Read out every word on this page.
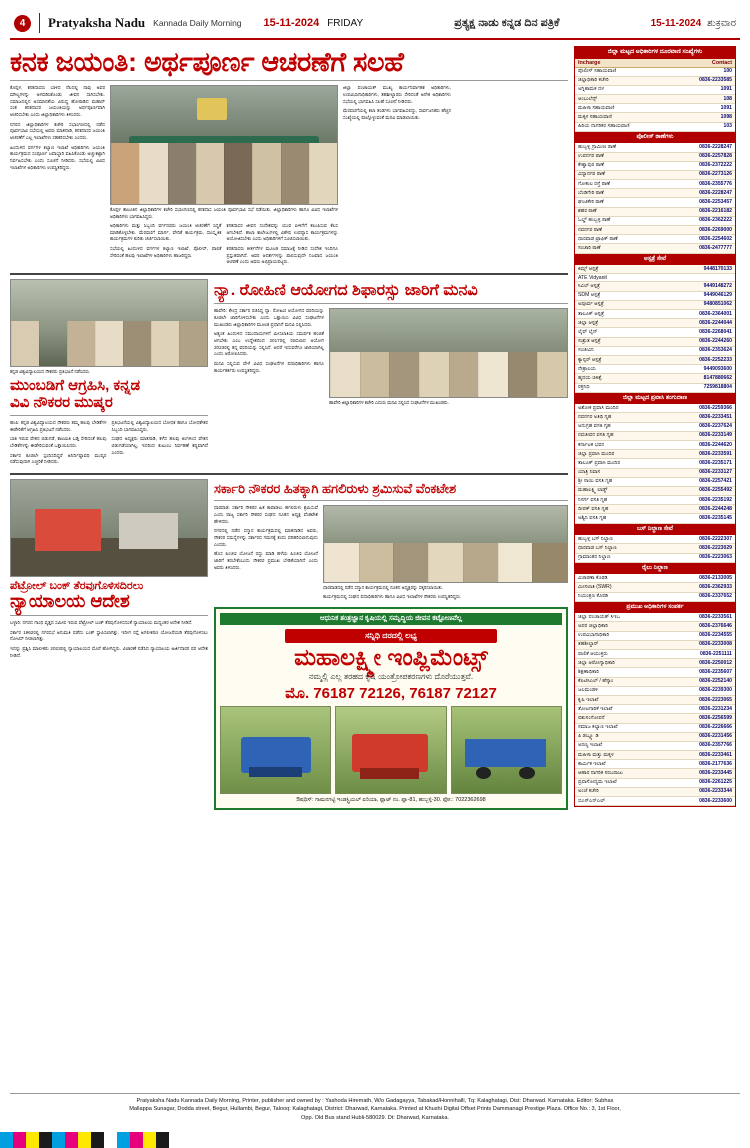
4	Pratyaksha Nadu Kannada Daily Morning 15-11-2024 FRIDAY	ಪ್ರತ್ಯಕ್ಷ ನಾಡು ಕನ್ನಡ ದಿನ ಪತ್ರಿಕೆ	15-11-2024 ಶುಕ್ರವಾರ
ಕನಕ ಜಯಂತಿ: ಅರ್ಥಪೂರ್ಣ ಆಚರಣೆಗೆ ಸಲಹೆ

ಕೊಪ್ಪಳ, ಕನಕದಾಸರು ಬಾಳಿದ ನೆಲದಲ್ಲಿ ನಾವು ಅವರ ಮೌಲ್ಯಗಳನ್ನು ಅಳವಡಿಸಿಕೊಂಡು ಜೀವನ ಸಾಗಿಸಬೇಕು. ಸಮಾಜದಲ್ಲಿನ ಅಸಮಾನತೆಯ ವಿರುದ್ಧ ಹೋರಾಡಿದ ಮಹಾನ್ ಸಂತ ಕನಕದಾಸರ ಜಯಂತಿಯನ್ನು ಅರ್ಥಪೂರ್ಣವಾಗಿ ಆಚರಿಸಬೇಕು ಎಂದು ಜಿಲ್ಲಾಧಿಕಾರಿಗಳು ತಿಳಿಸಿದರು.

ನಗರದ ಜಿಲ್ಲಾಧಿಕಾರಿಗಳ ಕಚೇರಿ ಸಭಾಂಗಣದಲ್ಲಿ ನಡೆದ ಪೂರ್ವಭಾವಿ ಸಭೆಯಲ್ಲಿ ಅವರು ಮಾತನಾಡಿ, ಕನಕದಾಸರ ಜಯಂತಿ ಆಚರಣೆಗೆ ಎಲ್ಲ ಇಲಾಖೆಗಳು ಸಹಕರಿಸಬೇಕು ಎಂದರು.

ಹಿಂದುಳಿದ ವರ್ಗಗಳ ಕಲ್ಯಾಣ ಇಲಾಖೆ ಅಧಿಕಾರಿಗಳು ಜಯಂತಿ ಕಾರ್ಯಕ್ರಮದ ಸಂಪೂರ್ಣ ಜವಾಬ್ದಾರಿ ವಹಿಸಿಕೊಂಡು ಅಚ್ಚುಕಟ್ಟಾಗಿ ನಿರ್ವಹಿಸಬೇಕು ಎಂದು ಸೂಚನೆ ನೀಡಿದರು. ಸಭೆಯಲ್ಲಿ ವಿವಿಧ ಇಲಾಖೆಗಳ ಅಧಿಕಾರಿಗಳು ಉಪಸ್ಥಿತರಿದ್ದರು.

ಕೊಪ್ಪಳ ತಾಲೂಕಿನ ಜಿಲ್ಲಾಧಿಕಾರಿಗಳ ಕಚೇರಿ ಸಭಾಂಗಣದಲ್ಲಿ ಕನಕದಾಸ ಜಯಂತಿ ಪೂರ್ವಭಾವಿ ಸಭೆ ನಡೆಯಿತು. ಜಿಲ್ಲಾಧಿಕಾರಿಗಳು ಹಾಗೂ ವಿವಿಧ ಇಲಾಖೆಗಳ ಅಧಿಕಾರಿಗಳು ಭಾಗವಹಿಸಿದ್ದರು.

ಅಧಿಕಾರಿಗಳು ಮತ್ತು ಸಿಬ್ಬಂದಿ ವರ್ಗದವರು ಜಯಂತಿ ಆಚರಣೆಗೆ ಸಿದ್ಧತೆ ಮಾಡಿಕೊಳ್ಳಬೇಕು. ಮೆರವಣಿಗೆ ಮಾರ್ಗ, ವೇದಿಕೆ ಕಾರ್ಯಕ್ರಮ, ಸಾಂಸ್ಕೃತಿಕ ಕಾರ್ಯಕ್ರಮಗಳ ಕುರಿತು ಚರ್ಚಿಸಲಾಯಿತು.

ಸಭೆಯಲ್ಲಿ ಹಿಂದುಳಿದ ವರ್ಗಗಳ ಕಲ್ಯಾಣ ಇಲಾಖೆ, ಪೊಲೀಸ್, ಪಾಲಿಕೆ ಸೇರಿದಂತೆ ಹಲವು ಇಲಾಖೆಗಳ ಅಧಿಕಾರಿಗಳು ಹಾಜರಿದ್ದರು.

ಕನಕದಾಸರ ಜೀವನ ಸಂದೇಶವನ್ನು ಯುವ ಪೀಳಿಗೆಗೆ ತಲುಪಿಸುವ ಕೆಲಸ ಆಗಬೇಕಿದೆ. ಶಾಲಾ ಕಾಲೇಜುಗಳಲ್ಲಿ ವಿಶೇಷ ಉಪನ್ಯಾಸ ಕಾರ್ಯಕ್ರಮಗಳನ್ನು ಆಯೋಜಿಸಬೇಕು ಎಂದು ಅಧಿಕಾರಿಗಳಿಗೆ ಸೂಚಿಸಲಾಯಿತು.

ಕನಕದಾಸರು ಕೀರ್ತನೆಗಳ ಮೂಲಕ ಸಮಾಜಕ್ಕೆ ನೀಡಿದ ಸಂದೇಶ ಇಂದಿಗೂ ಪ್ರಸ್ತುತವಾಗಿದೆ. ಅವರ ಆದರ್ಶಗಳನ್ನು ಪಾಲಿಸುವುದೇ ನಿಜವಾದ ಜಯಂತಿ ಆಚರಣೆ ಎಂದು ಅವರು ಅಭಿಪ್ರಾಯಪಟ್ಟರು.

ಜಿಲ್ಲಾ ಪಂಚಾಯತ್ ಮುಖ್ಯ ಕಾರ್ಯನಿರ್ವಾಹಕ ಅಧಿಕಾರಿಗಳು, ಉಪವಿಭಾಗಾಧಿಕಾರಿಗಳು, ತಹಶೀಲ್ದಾರರು ಸೇರಿದಂತೆ ಅನೇಕ ಅಧಿಕಾರಿಗಳು ಸಭೆಯಲ್ಲಿ ಭಾಗವಹಿಸಿ ಸಲಹೆ ಸೂಚನೆ ನೀಡಿದರು.

ಮೆರವಣಿಗೆಯಲ್ಲಿ ಕಲಾ ತಂಡಗಳು ಭಾಗವಹಿಸಲಿದ್ದು, ಸಾರ್ವಜನಿಕರು ಹೆಚ್ಚಿನ ಸಂಖ್ಯೆಯಲ್ಲಿ ಪಾಲ್ಗೊಳ್ಳುವಂತೆ ಮನವಿ ಮಾಡಲಾಯಿತು.

ಕನ್ನಡ ವಿಶ್ವವಿದ್ಯಾಲಯದ ನೌಕರರು ಪ್ರತಿಭಟನೆ ನಡೆಸಿದರು.
ಮುಂಬಡಿಗೆ ಆಗ್ರಹಿಸಿ, ಕನ್ನಡ
ವಿವಿ ನೌಕರರ ಮುಷ್ಕರ

ಹಂಪಿ: ಕನ್ನಡ ವಿಶ್ವವಿದ್ಯಾಲಯದ ನೌಕರರು ತಮ್ಮ ಹಲವು ಬೇಡಿಕೆಗಳ ಈಡೇರಿಕೆಗೆ ಆಗ್ರಹಿಸಿ ಪ್ರತಿಭಟನೆ ನಡೆಸಿದರು.

ಬಾಕಿ ಇರುವ ವೇತನ ಬಿಡುಗಡೆ, ಕಾಲಮಿತಿ ಬಡ್ತಿ ಸೇರಿದಂತೆ ಹಲವು ಬೇಡಿಕೆಗಳನ್ನು ಈಡೇರಿಸುವಂತೆ ಒತ್ತಾಯಿಸಿದರು.

ಸರ್ಕಾರ ಕೂಡಲೇ ಸ್ಪಂದಿಸದಿದ್ದರೆ ಅನಿರ್ದಿಷ್ಟಾವಧಿ ಮುಷ್ಕರ ನಡೆಸುವುದಾಗಿ ಎಚ್ಚರಿಕೆ ನೀಡಿದರು.

ಪ್ರತಿಭಟನೆಯಲ್ಲಿ ವಿಶ್ವವಿದ್ಯಾಲಯದ ಬೋಧಕ ಹಾಗೂ ಬೋಧಕೇತರ ಸಿಬ್ಬಂದಿ ಭಾಗವಹಿಸಿದ್ದರು.

ಸಂಘದ ಅಧ್ಯಕ್ಷರು ಮಾತನಾಡಿ, ಕಳೆದ ಹಲವು ತಿಂಗಳಿಂದ ವೇತನ ಬಿಡುಗಡೆಯಾಗಿಲ್ಲ, ಇದರಿಂದ ಕುಟುಂಬ ನಿರ್ವಹಣೆ ಕಷ್ಟವಾಗಿದೆ ಎಂದರು.

ನ್ಯಾ. ರೋಹಿಣಿ ಆಯೋಗದ ಶಿಫಾರಸ್ಸು ಜಾರಿಗೆ ಮನವಿ

ಹಾವೇರಿ: ಕೇಂದ್ರ ಸರ್ಕಾರ ರಚಿಸಿದ್ದ ನ್ಯಾ. ರೋಹಿಣಿ ಆಯೋಗದ ವರದಿಯನ್ನು ಕೂಡಲೇ ಜಾರಿಗೊಳಿಸಬೇಕು ಎಂದು ಒತ್ತಾಯಿಸಿ ವಿವಿಧ ಸಂಘಟನೆಗಳ ಮುಖಂಡರು ಜಿಲ್ಲಾಧಿಕಾರಿಗಳ ಮೂಲಕ ಪ್ರಧಾನಿಗೆ ಮನವಿ ಸಲ್ಲಿಸಿದರು.

ಅತ್ಯಂತ ಹಿಂದುಳಿದ ಸಮುದಾಯಗಳಿಗೆ ಮೀಸಲಾತಿಯ ಸಮರ್ಪಕ ಹಂಚಿಕೆ ಆಗಬೇಕು ಎಂಬ ಉದ್ದೇಶದಿಂದ 2017ರಲ್ಲಿ ರಚಿಸಲಾದ ಆಯೋಗ 2023ರಲ್ಲಿ ತನ್ನ ವರದಿಯನ್ನು ಸಲ್ಲಿಸಿದೆ. ಆದರೆ ಇದುವರೆಗೂ ಜಾರಿಯಾಗಿಲ್ಲ ಎಂದು ಆರೋಪಿಸಿದರು.

ಮನವಿ ಸಲ್ಲಿಸುವ ವೇಳೆ ವಿವಿಧ ಸಂಘಟನೆಗಳ ಪದಾಧಿಕಾರಿಗಳು ಹಾಗೂ ಕಾರ್ಯಕರ್ತರು ಉಪಸ್ಥಿತರಿದ್ದರು.

ಹಾವೇರಿ ಜಿಲ್ಲಾಧಿಕಾರಿಗಳ ಕಚೇರಿ ಎದುರು ಮನವಿ ಸಲ್ಲಿಸಿದ ಸಂಘಟನೆಗಳ ಮುಖಂಡರು.
ಪೆಟ್ರೋಲ್ ಬಂಕ್ ತೆರವುಗೊಳಿಸದಿರಲು
ನ್ಯಾಯಾಲಯ ಆದೇಶ

ಬಳ್ಳಾರಿ: ನಗರದ ಗಾಂಧಿ ವೃತ್ತದ ಸಮೀಪ ಇರುವ ಪೆಟ್ರೋಲ್ ಬಂಕ್ ತೆರವುಗೊಳಿಸದಂತೆ ನ್ಯಾಯಾಲಯ ಮಧ್ಯಂತರ ಆದೇಶ ನೀಡಿದೆ.

ಸರ್ಕಾರ 1962ರಲ್ಲಿ ನಗರಸಭೆ ಅನುಮತಿ ಪಡೆದು ಬಂಕ್ ಸ್ಥಾಪಿಸಲಾಗಿತ್ತು. ಇದೀಗ ರಸ್ತೆ ಅಗಲೀಕರಣ ಯೋಜನೆಯಡಿ ತೆರವುಗೊಳಿಸಲು ನೋಟಿಸ್ ನೀಡಲಾಗಿತ್ತು.

ಇದನ್ನು ಪ್ರಶ್ನಿಸಿ ಮಾಲೀಕರು 2023ರಲ್ಲಿ ನ್ಯಾಯಾಲಯದ ಮೊರೆ ಹೋಗಿದ್ದರು. ವಿಚಾರಣೆ ನಡೆಸಿದ ನ್ಯಾಯಾಲಯ ಅರ್ಜಿದಾರರ ಪರ ಆದೇಶ ನೀಡಿದೆ.

ಸರ್ಕಾರಿ ನೌಕರರ ಹಿತಕ್ಕಾಗಿ ಹಗಲಿರುಳು ಶ್ರಮಿಸುವೆ ವೆಂಕಟೇಶ

ಧಾರವಾಡ: ಸರ್ಕಾರಿ ನೌಕರರ ಹಿತ ಕಾಪಾಡಲು ಹಗಲಿರುಳು ಶ್ರಮಿಸುವೆ ಎಂದು ರಾಜ್ಯ ಸರ್ಕಾರಿ ನೌಕರರ ಸಂಘದ ನೂತನ ಅಧ್ಯಕ್ಷ ವೆಂಕಟೇಶ ಹೇಳಿದರು.

ನಗರದಲ್ಲಿ ನಡೆದ ಸನ್ಮಾನ ಕಾರ್ಯಕ್ರಮದಲ್ಲಿ ಮಾತನಾಡಿದ ಅವರು, ನೌಕರರ ಸಮಸ್ಯೆಗಳನ್ನು ಸರ್ಕಾರದ ಗಮನಕ್ಕೆ ತಂದು ಪರಿಹರಿಸಲಾಗುವುದು ಎಂದರು.

ಹೊಸ ಪಿಂಚಣಿ ಯೋಜನೆ ರದ್ದು ಮಾಡಿ ಹಳೆಯ ಪಿಂಚಣಿ ಯೋಜನೆ ಜಾರಿಗೆ ತರಬೇಕೆಂಬುದು ನೌಕರರ ಪ್ರಮುಖ ಬೇಡಿಕೆಯಾಗಿದೆ ಎಂದು ಅವರು ತಿಳಿಸಿದರು.

ಧಾರವಾಡದಲ್ಲಿ ನಡೆದ ಸನ್ಮಾನ ಕಾರ್ಯಕ್ರಮದಲ್ಲಿ ನೂತನ ಅಧ್ಯಕ್ಷರನ್ನು ಸತ್ಕರಿಸಲಾಯಿತು.

ಕಾರ್ಯಕ್ರಮದಲ್ಲಿ ಸಂಘದ ಪದಾಧಿಕಾರಿಗಳು ಹಾಗೂ ವಿವಿಧ ಇಲಾಖೆಗಳ ನೌಕರರು ಉಪಸ್ಥಿತರಿದ್ದರು.

ಆಧುನಿಕ ತಂತ್ರಜ್ಞಾನ ಕೃಷಿಯಲ್ಲಿ ಸಮೃದ್ಧಿಯ ಜೀವನ ಕಟ್ಟೋಣವೆಲ್ಲ
ಸನ್ನಿಧಿ ದರದಲ್ಲಿ ಲಭ್ಯ
ಮಹಾಲಕ್ಷ್ಮೀ ಇಂಪ್ಲಿಮೆಂಟ್ಸ್
ನಮ್ಮಲ್ಲಿ ಎಲ್ಲ ತರಹದ ಕೃಷಿ ಯಂತ್ರೋಪಕರಣಗಳು ದೊರೆಯುತ್ತವೆ.
ಮೊ. 76187 72126, 76187 72127
ಔಷಧಿಸ್: ಗಾಮನಗಟ್ಟಿ ಇಂಡಸ್ಟ್ರಿಯಲ್ ಏರಿಯಾ, ಪ್ಲಾಟ್ ನಂ. ಪ್ಲಾ-81, ಹುಬ್ಬಳ್ಳಿ-30. ಫೋ.: 7022362698
ಜಿಲ್ಲಾ ಮಟ್ಟದ ಅಧಿಕಾರಿಗಳ ದೂರವಾಣಿ ಸಂಖ್ಯೆಗಳು
Incharge	Contact
ಪೊಲೀಸ್ ಸಹಾಯವಾಣಿ	100
ಜಿಲ್ಲಾಧಿಕಾರಿ ಕಚೇರಿ	0836-2233585
ಅಗ್ನಿಶಾಮಕ ದಳ	1091
ಆಂಬುಲೆನ್ಸ್	108
ಮಹಿಳಾ ಸಹಾಯವಾಣಿ	1091
ಮಕ್ಕಳ ಸಹಾಯವಾಣಿ	1098
ಹಿರಿಯ ನಾಗರಿಕರ ಸಹಾಯವಾಣಿ	103
ಪೊಲೀಸ್ ಠಾಣೆಗಳು
ಹುಬ್ಬಳ್ಳಿ ಗ್ರಾಮೀಣ ಠಾಣೆ	0836-2228247
ಉಪನಗರ ಠಾಣೆ	0836-2257828
ಕೇಶ್ವಾಪುರ ಠಾಣೆ	0836-2372222
ವಿದ್ಯಾನಗರ ಠಾಣೆ	0836-2273126
ಗೋಕುಲ ರಸ್ತೆ ಠಾಣೆ	0836-2355776
ಬೆಂಡಿಗೇರಿ ಠಾಣೆ	0836-2228247
ಘಂಟಿಕೇರಿ ಠಾಣೆ	0836-2253457
ಶಹರ ಠಾಣೆ	0836-2216182
ಓಲ್ಡ್ ಹುಬ್ಬಳ್ಳಿ ಠಾಣೆ	0836-2362222
ನವನಗರ ಠಾಣೆ	0836-2269000
ಧಾರವಾಡ ಟ್ರಾಫಿಕ್ ಠಾಣೆ	0836-2254602
ಸಂಚಾರಿ ಠಾಣೆ	0836-2477777
ಆಸ್ಪತ್ರೆ ಸೇವೆ
ಕಿಮ್ಸ್ ಆಸ್ಪತ್ರೆ	9448170133
ATE Vidyanit
ಸಿವಿಲ್ ಆಸ್ಪತ್ರೆ	9449148272
SDM ಆಸ್ಪತ್ರೆ	9449046129
ಅಪೂರ್ವ ಆಸ್ಪತ್ರೆ	9480851062
ತಾಲೂಕ್ ಆಸ್ಪತ್ರೆ	0836-2364001
ಜಿಲ್ಲಾ ಆಸ್ಪತ್ರೆ	0836-2244044
ಲೈಫ್ ಲೈನ್	0836-2268041
ಸುಶ್ರುತ ಆಸ್ಪತ್ರೆ	0836-2244260
ಸಂಜೀವಿನಿ	0836-2353624
ಕ್ಯಾನ್ಸರ್ ಆಸ್ಪತ್ರೆ	0836-2252233
ನೇತ್ರಾಲಯ	9449093600
ಹೃದಯ ಚಿಕಿತ್ಸೆ	8147880662
ರಕ್ತನಿಧಿ	7259818804
ಜಿಲ್ಲಾ ಮಟ್ಟದ ಪ್ರವಾಸಿ ತಂಗುದಾಣ
ಅಶೋಕ ಪ್ರವಾಸಿ ಮಂದಿರ	0836-2259366
ನವನಗರ ಅತಿಥಿ ಗೃಹ	0836-2233451
ಅನುಗ್ರಹ ವಸತಿ ಗೃಹ	0836-2237624
ನವಜೀವನ ವಸತಿ ಗೃಹ	0836-2233149
ಕರ್ನಾಟಕ ಭವನ	0836-2244620
ಜಿಲ್ಲಾ ಪ್ರವಾಸಿ ಮಂದಿರ	0836-2233591
ತಾಲೂಕ್ ಪ್ರವಾಸಿ ಮಂದಿರ	0836-2235171
ಯಾತ್ರಿ ನಿವಾಸ	0836-2233127
ಶ್ರೀ ಸಾಯಿ ವಸತಿ ಗೃಹ	0836-2257421
ಮಹಾಲಕ್ಷ್ಮಿ ಲಾಡ್ಜ್	0836-2255492
ನಿಸರ್ಗ ವಸತಿ ಗೃಹ	0836-2235192
ದೀಪಕ್ ವಸತಿ ಗೃಹ	0836-2244248
ಅಶ್ವಿನಿ ವಸತಿ ಗೃಹ	0836-2235145
ಬಸ್ ನಿಲ್ದಾಣ ಸೇವೆ
ಹುಬ್ಬಳ್ಳಿ ಬಸ್ ನಿಲ್ದಾಣ	0836-2222307
ಧಾರವಾಡ ಬಸ್ ನಿಲ್ದಾಣ	0836-2223029
ಗ್ರಾಮಾಂತರ ನಿಲ್ದಾಣ	0836-2223063
ರೈಲು ನಿಲ್ದಾಣ
ವಿಚಾರಣಾ ಕೊಠಡಿ	0836-2133005
ಮೀಸಲಾತಿ (SWR)	0836-2362933
ನಿಯಂತ್ರಣ ಕೊಠಡಿ	0836-2337652
ಪ್ರಮುಖ ಅಧಿಕಾರಿಗಳ ಸಂಪರ್ಕ
ಜಿಲ್ಲಾ ಪಂಚಾಯತ್ ಸಿಇಒ	0836-2233561
ಅಪರ ಜಿಲ್ಲಾಧಿಕಾರಿ	0836-2376646
ಉಪವಿಭಾಗಾಧಿಕಾರಿ	0836-2234555
ತಹಶೀಲ್ದಾರ್	0836-2233008
ಪಾಲಿಕೆ ಆಯುಕ್ತರು	0836-2251111
ಜಿಲ್ಲಾ ಆರೋಗ್ಯಾಧಿಕಾರಿ	0836-2250012
ಶಿಕ್ಷಣಾಧಿಕಾರಿ	0836-2235607
ಕೆಪಿಟಿಸಿಎಲ್ / ಹೆಸ್ಕಾಂ	0836-2252140
ಜಲಮಂಡಳಿ	0836-2239300
ಕೃಷಿ ಇಲಾಖೆ	0836-2223065
ತೋಟಗಾರಿಕೆ ಇಲಾಖೆ	0836-2231234
ಪಶುಸಂಗೋಪನೆ	0836-2256599
ಸಮಾಜ ಕಲ್ಯಾಣ ಇಲಾಖೆ	0836-2226666
ಪಿ ಡಬ್ಲ್ಯೂ ಡಿ	0836-2231456
ಅರಣ್ಯ ಇಲಾಖೆ	0836-2357766
ಮಹಿಳಾ ಮತ್ತು ಮಕ್ಕಳ	0836-2233461
ಕಾರ್ಮಿಕ ಇಲಾಖೆ	0836-2177636
ಆಹಾರ ನಾಗರಿಕ ಸರಬರಾಜು	0836-2233445
ಪ್ರವಾಸೋದ್ಯಮ ಇಲಾಖೆ	0836-2261225
ಅಂಚೆ ಕಚೇರಿ	0836-2233344
ಬಿಎಸ್ಎನ್ಎಲ್	0836-2233600
Pratyaksha Nadu Kannada Daily Morning, Printer, publisher and owned by : Yashoda Hiremath, W/o Gadagayya, Tabakad/Honnihalli, Tq: Kalaghatagi, Dist: Dharwad. Karnataka. Editor: Subhas
Mallappa Sunagar, Dodda street, Begur, Hullambi, Begur, Talooq: Kalaghatagi, District: Dharwad, Karnataka. Printed at Khushi Digital Offset Prints Dammanagi Prestige Plaza. Office No.: 3, 1st Floor,
Opp. Old Bus stand Hubli-580029. Dt: Dharwad, Karnataka.
